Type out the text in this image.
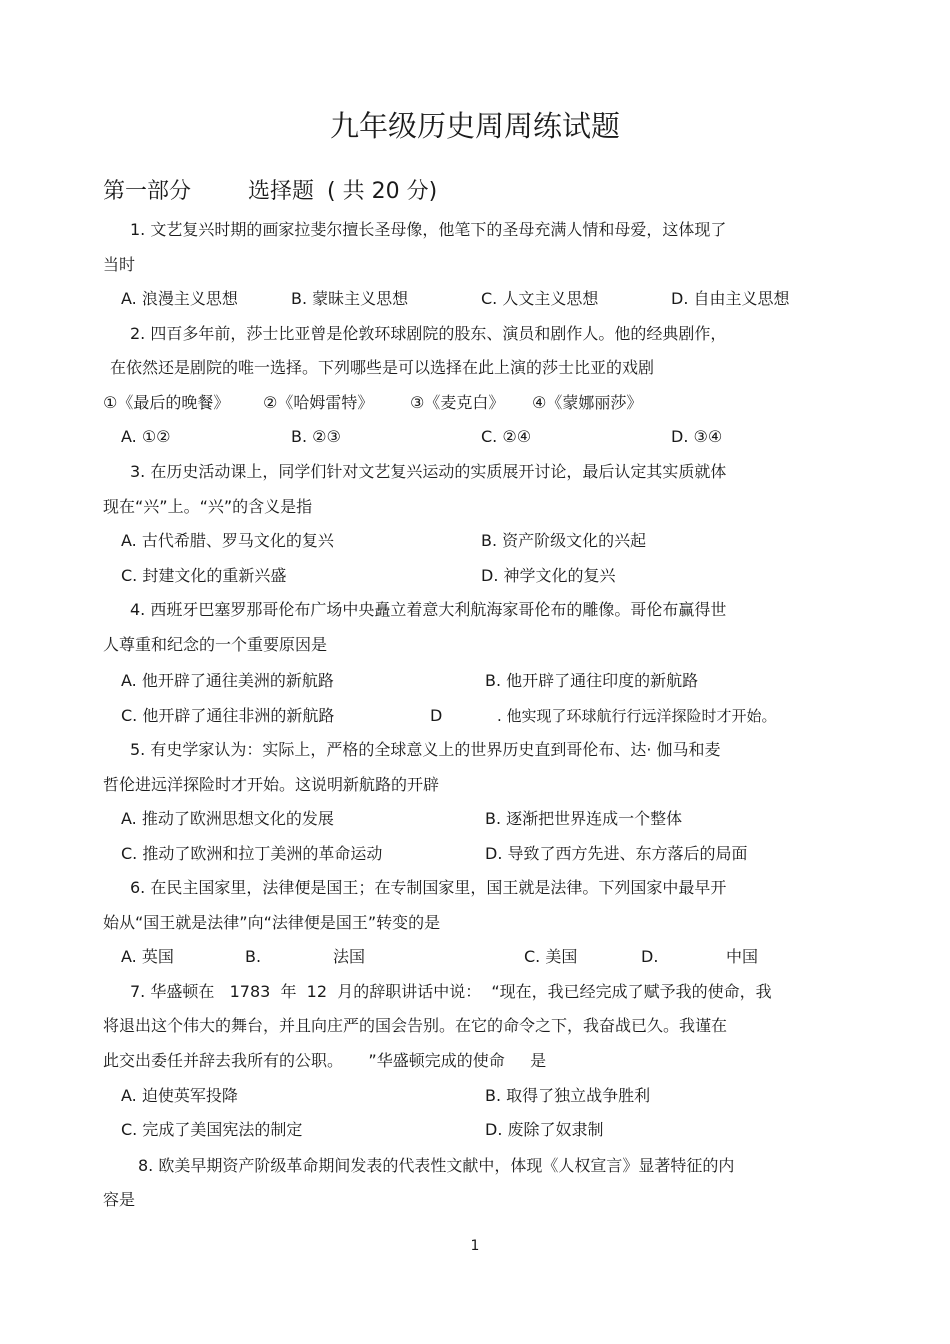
九年级历史周周练试题
第一部分	选择题 ( 共 20 分)
1. 文艺复兴时期的画家拉斐尔擅长圣母像，他笔下的圣母充满人情和母爱，这体现了
当时
A. 浪漫主义思想	B. 蒙昧主义思想	C. 人文主义思想	D. 自由主义思想
2. 四百多年前，莎士比亚曾是伦敦环球剧院的股东、演员和剧作人。他的经典剧作，
在依然还是剧院的唯一选择。下列哪些是可以选择在此上演的莎士比亚的戏剧
①《最后的晚餐》 ②《哈姆雷特》 ③《麦克白》 ④《蒙娜丽莎》
A. ①②	B. ②③	C. ②④	D. ③④
3. 在历史活动课上，同学们针对文艺复兴运动的实质展开讨论，最后认定其实质就体
现在“兴”上。“兴”的含义是指
A. 古代希腊、罗马文化的复兴	B. 资产阶级文化的兴起
C. 封建文化的重新兴盛	D. 神学文化的复兴
4. 西班牙巴塞罗那哥伦布广场中央矗立着意大利航海家哥伦布的雕像。哥伦布赢得世
人尊重和纪念的一个重要原因是
A. 他开辟了通往美洲的新航路	B. 他开辟了通往印度的新航路
C. 他开辟了通往非洲的新航路	D	. 他实现了环球航行行远洋探险时才开始。
5. 有史学家认为：实际上，严格的全球意义上的世界历史直到哥伦布、达· 伽马和麦
哲伦进远洋探险时才开始。这说明新航路的开辟
A. 推动了欧洲思想文化的发展	B. 逐渐把世界连成一个整体
C. 推动了欧洲和拉丁美洲的革命运动	D. 导致了西方先进、东方落后的局面
6. 在民主国家里，法律便是国王；在专制国家里，国王就是法律。下列国家中最早开
始从“国王就是法律”向“法律便是国王”转变的是
A. 英国	B.	法国	C. 美国	D.	中国
7. 华盛顿在   1783  年  12  月的辞职讲话中说：  “现在，我已经完成了赋予我的使命，我
将退出这个伟大的舞台，并且向庄严的国会告别。在它的命令之下，我奋战已久。我谨在
此交出委任并辞去我所有的公职。     ”华盛顿完成的使命     是
A. 迫使英军投降	B. 取得了独立战争胜利
C. 完成了美国宪法的制定	D. 废除了奴隶制
8. 欧美早期资产阶级革命期间发表的代表性文献中，体现《人权宣言》显著特征的内
容是
1
